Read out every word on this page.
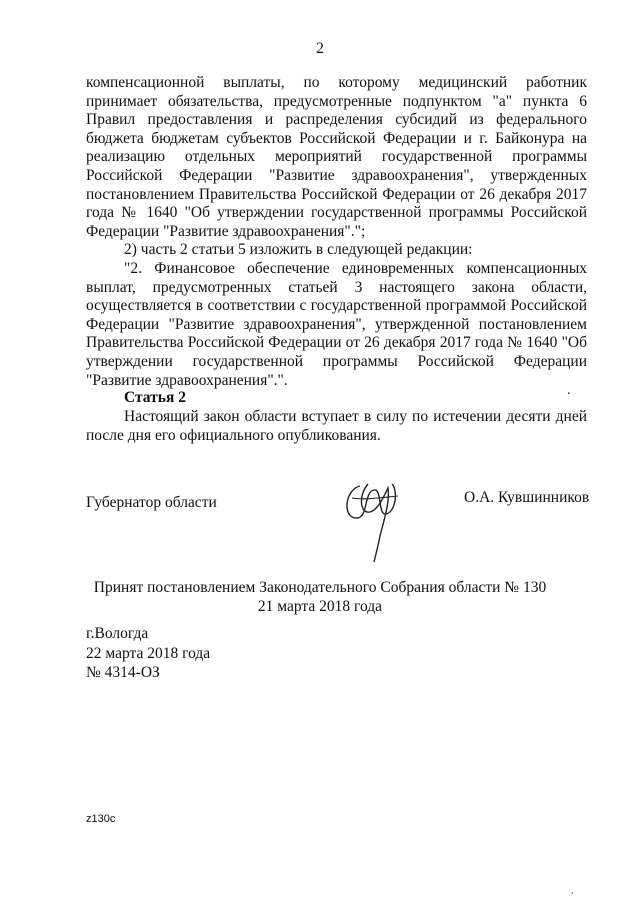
2

компенсационной выплаты, по которому медицинский работник принимает обязательства, предусмотренные подпунктом "а" пункта 6 Правил предоставления и распределения субсидий из федерального бюджета бюджетам субъектов Российской Федерации и г. Байконура на реализацию отдельных мероприятий государственной программы Российской Федерации "Развитие здравоохранения", утвержденных постановлением Правительства Российской Федерации от 26 декабря 2017 года № 1640 "Об утверждении государственной программы Российской Федерации "Развитие здравоохранения".";

2) часть 2 статьи 5 изложить в следующей редакции:

"2. Финансовое обеспечение единовременных компенсационных выплат, предусмотренных статьей 3 настоящего закона области, осуществляется в соответствии с государственной программой Российской Федерации "Развитие здравоохранения", утвержденной постановлением Правительства Российской Федерации от 26 декабря 2017 года № 1640 "Об утверждении государственной программы Российской Федерации "Развитие здравоохранения".".

.

Статья 2

Настоящий закон области вступает в силу по истечении десяти дней после дня его официального опубликования.

Губернатор области	О.А. Кувшинников
Принят постановлением Законодательного Собрания области № 130
21 марта 2018 года
г.Вологда
22 марта 2018 года
№ 4314-ОЗ
z130c
,
